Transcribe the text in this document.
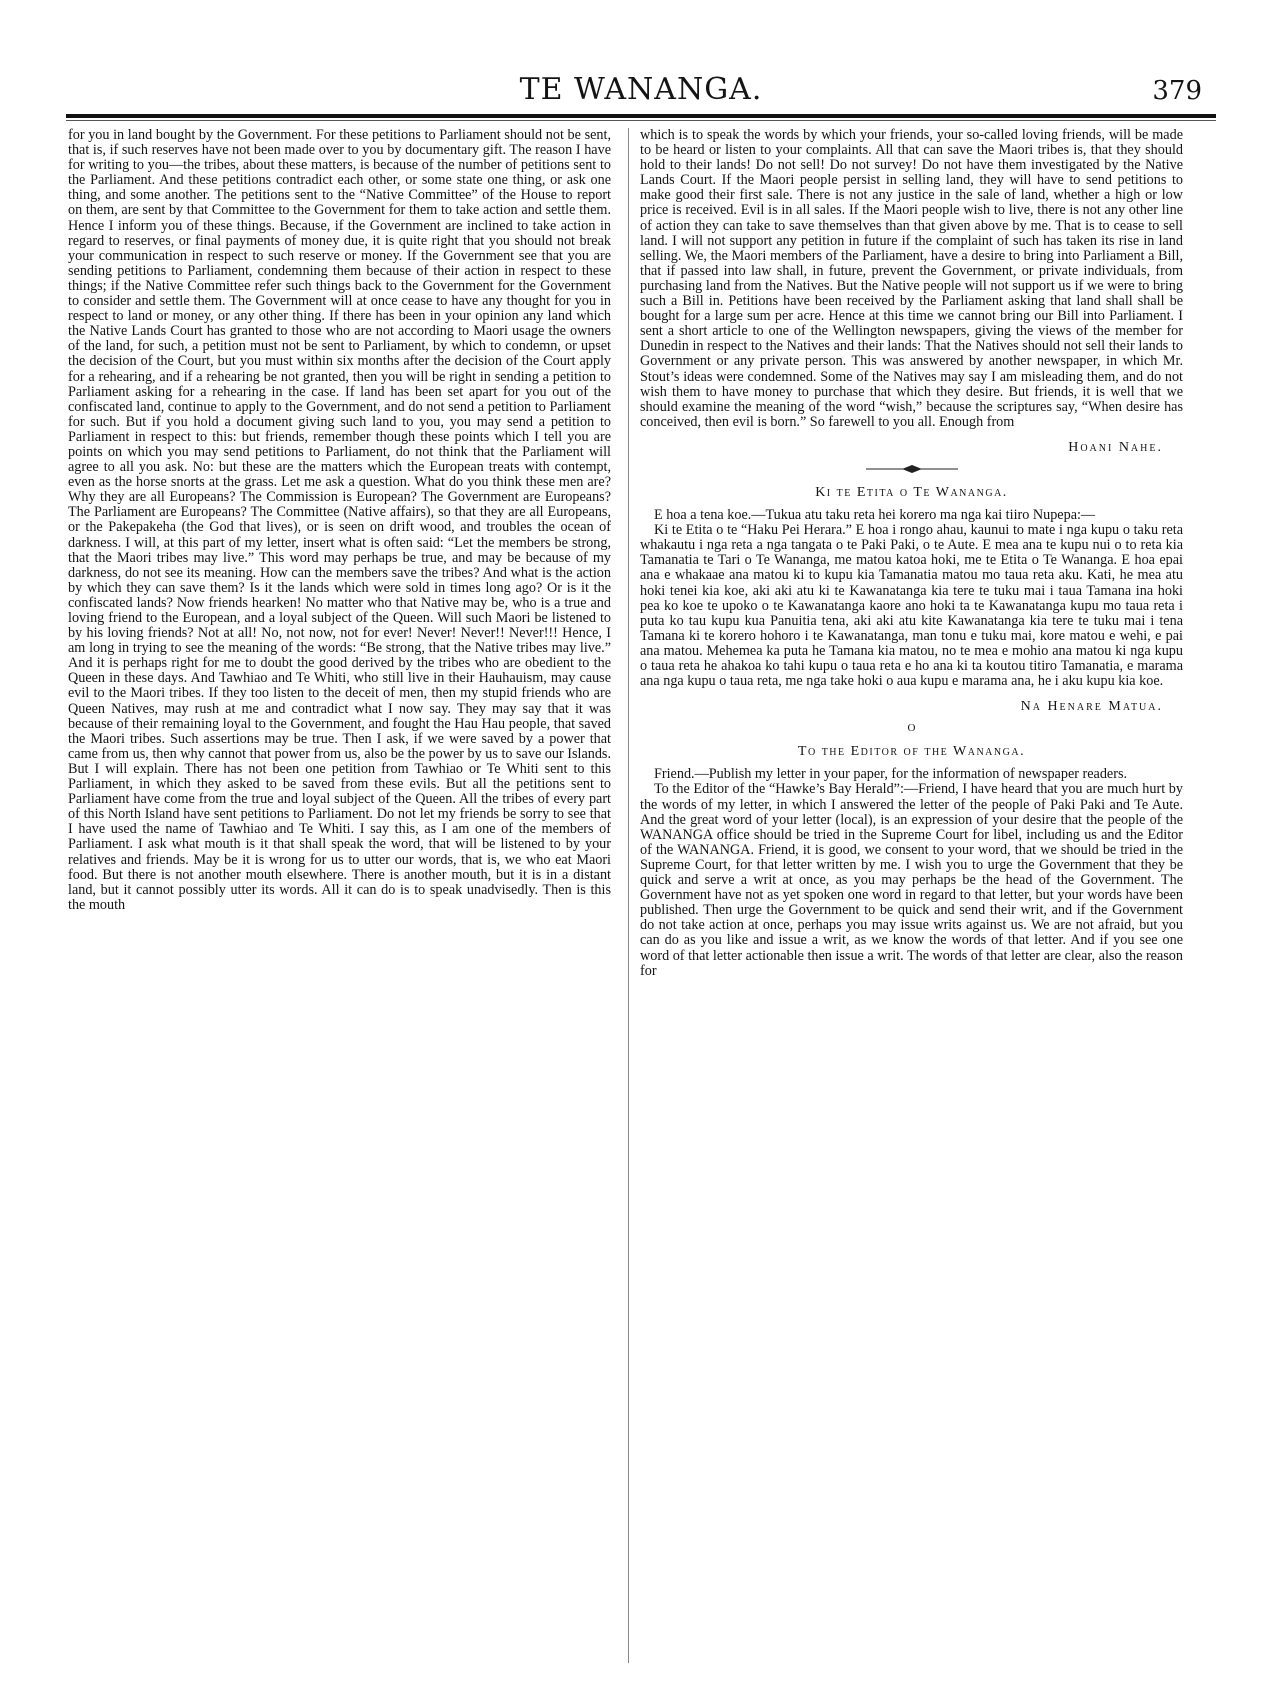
TE WANANGA.	379

for you in land bought by the Government. For these petitions to Parliament should not be sent, that is, if such reserves have not been made over to you by documentary gift. The reason I have for writing to you—the tribes, about these matters, is because of the number of petitions sent to the Parliament. And these petitions contradict each other, or some state one thing, or ask one thing, and some another. The petitions sent to the “Native Committee” of the House to report on them, are sent by that Committee to the Government for them to take action and settle them. Hence I inform you of these things. Because, if the Government are inclined to take action in regard to reserves, or final payments of money due, it is quite right that you should not break your communication in respect to such reserve or money. If the Government see that you are sending petitions to Parliament, condemning them because of their action in respect to these things; if the Native Committee refer such things back to the Government for the Government to consider and settle them. The Government will at once cease to have any thought for you in respect to land or money, or any other thing. If there has been in your opinion any land which the Native Lands Court has granted to those who are not according to Maori usage the owners of the land, for such, a petition must not be sent to Parliament, by which to condemn, or upset the decision of the Court, but you must within six months after the decision of the Court apply for a rehearing, and if a rehearing be not granted, then you will be right in sending a petition to Parliament asking for a rehearing in the case. If land has been set apart for you out of the confiscated land, continue to apply to the Government, and do not send a petition to Parliament for such. But if you hold a document giving such land to you, you may send a petition to Parliament in respect to this: but friends, remember though these points which I tell you are points on which you may send petitions to Parliament, do not think that the Parliament will agree to all you ask. No: but these are the matters which the European treats with contempt, even as the horse snorts at the grass. Let me ask a question. What do you think these men are? Why they are all Europeans? The Commission is European? The Government are Europeans? The Parliament are Europeans? The Committee (Native affairs), so that they are all Europeans, or the Pakepakeha (the God that lives), or is seen on drift wood, and troubles the ocean of darkness. I will, at this part of my letter, insert what is often said: “Let the members be strong, that the Maori tribes may live.” This word may perhaps be true, and may be because of my darkness, do not see its meaning. How can the members save the tribes? And what is the action by which they can save them? Is it the lands which were sold in times long ago? Or is it the confiscated lands? Now friends hearken! No matter who that Native may be, who is a true and loving friend to the European, and a loyal subject of the Queen. Will such Maori be listened to by his loving friends? Not at all! No, not now, not for ever! Never! Never!! Never!!! Hence, I am long in trying to see the meaning of the words: “Be strong, that the Native tribes may live.” And it is perhaps right for me to doubt the good derived by the tribes who are obedient to the Queen in these days. And Tawhiao and Te Whiti, who still live in their Hauhauism, may cause evil to the Maori tribes. If they too listen to the deceit of men, then my stupid friends who are Queen Natives, may rush at me and contradict what I now say. They may say that it was because of their remaining loyal to the Government, and fought the Hau Hau people, that saved the Maori tribes. Such assertions may be true. Then I ask, if we were saved by a power that came from us, then why cannot that power from us, also be the power by us to save our Islands. But I will explain. There has not been one petition from Tawhiao or Te Whiti sent to this Parliament, in which they asked to be saved from these evils. But all the petitions sent to Parliament have come from the true and loyal subject of the Queen. All the tribes of every part of this North Island have sent petitions to Parliament. Do not let my friends be sorry to see that I have used the name of Tawhiao and Te Whiti. I say this, as I am one of the members of Parliament. I ask what mouth is it that shall speak the word, that will be listened to by your relatives and friends. May be it is wrong for us to utter our words, that is, we who eat Maori food. But there is not another mouth elsewhere. There is another mouth, but it is in a distant land, but it cannot possibly utter its words. All it can do is to speak unadvisedly. Then is this the mouth

which is to speak the words by which your friends, your so-called loving friends, will be made to be heard or listen to your complaints. All that can save the Maori tribes is, that they should hold to their lands! Do not sell! Do not survey! Do not have them investigated by the Native Lands Court. If the Maori people persist in selling land, they will have to send petitions to make good their first sale. There is not any justice in the sale of land, whether a high or low price is received. Evil is in all sales. If the Maori people wish to live, there is not any other line of action they can take to save themselves than that given above by me. That is to cease to sell land. I will not support any petition in future if the complaint of such has taken its rise in land selling. We, the Maori members of the Parliament, have a desire to bring into Parliament a Bill, that if passed into law shall, in future, prevent the Government, or private individuals, from purchasing land from the Natives. But the Native people will not support us if we were to bring such a Bill in. Petitions have been received by the Parliament asking that land shall shall be bought for a large sum per acre. Hence at this time we cannot bring our Bill into Parliament. I sent a short article to one of the Wellington newspapers, giving the views of the member for Dunedin in respect to the Natives and their lands: That the Natives should not sell their lands to Government or any private person. This was answered by another newspaper, in which Mr. Stout’s ideas were condemned. Some of the Natives may say I am misleading them, and do not wish them to have money to purchase that which they desire. But friends, it is well that we should examine the meaning of the word “wish,” because the scriptures say, “When desire has conceived, then evil is born.” So farewell to you all. Enough from

Hoani Nahe.
Ki te Etita o Te Wananga.

E hoa a tena koe.—Tukua atu taku reta hei korero ma nga kai tiiro Nupepa:—

Ki te Etita o te “Haku Pei Herara.” E hoa i rongo ahau, kaunui to mate i nga kupu o taku reta whakautu i nga reta a nga tangata o te Paki Paki, o te Aute. E mea ana te kupu nui o to reta kia Tamanatia te Tari o Te Wananga, me matou katoa hoki, me te Etita o Te Wananga. E hoa epai ana e whakaae ana matou ki to kupu kia Tamanatia matou mo taua reta aku. Kati, he mea atu hoki tenei kia koe, aki aki atu ki te Kawanatanga kia tere te tuku mai i taua Tamana ina hoki pea ko koe te upoko o te Kawanatanga kaore ano hoki ta te Kawanatanga kupu mo taua reta i puta ko tau kupu kua Panuitia tena, aki aki atu kite Kawanatanga kia tere te tuku mai i tena Tamana ki te korero hohoro i te Kawanatanga, man tonu e tuku mai, kore matou e wehi, e pai ana matou. Mehemea ka puta he Tamana kia matou, no te mea e mohio ana matou ki nga kupu o taua reta he ahakoa ko tahi kupu o taua reta e ho ana ki ta koutou titiro Tamanatia, e marama ana nga kupu o taua reta, me nga take hoki o aua kupu e marama ana, he i aku kupu kia koe.

Na Henare Matua.
O
To the Editor of the Wananga.

Friend.—Publish my letter in your paper, for the information of newspaper readers.

To the Editor of the “Hawke’s Bay Herald”:—Friend, I have heard that you are much hurt by the words of my letter, in which I answered the letter of the people of Paki Paki and Te Aute. And the great word of your letter (local), is an expression of your desire that the people of the WANANGA office should be tried in the Supreme Court for libel, including us and the Editor of the WANANGA. Friend, it is good, we consent to your word, that we should be tried in the Supreme Court, for that letter written by me. I wish you to urge the Government that they be quick and serve a writ at once, as you may perhaps be the head of the Government. The Government have not as yet spoken one word in regard to that letter, but your words have been published. Then urge the Government to be quick and send their writ, and if the Government do not take action at once, perhaps you may issue writs against us. We are not afraid, but you can do as you like and issue a writ, as we know the words of that letter. And if you see one word of that letter actionable then issue a writ. The words of that letter are clear, also the reason for
